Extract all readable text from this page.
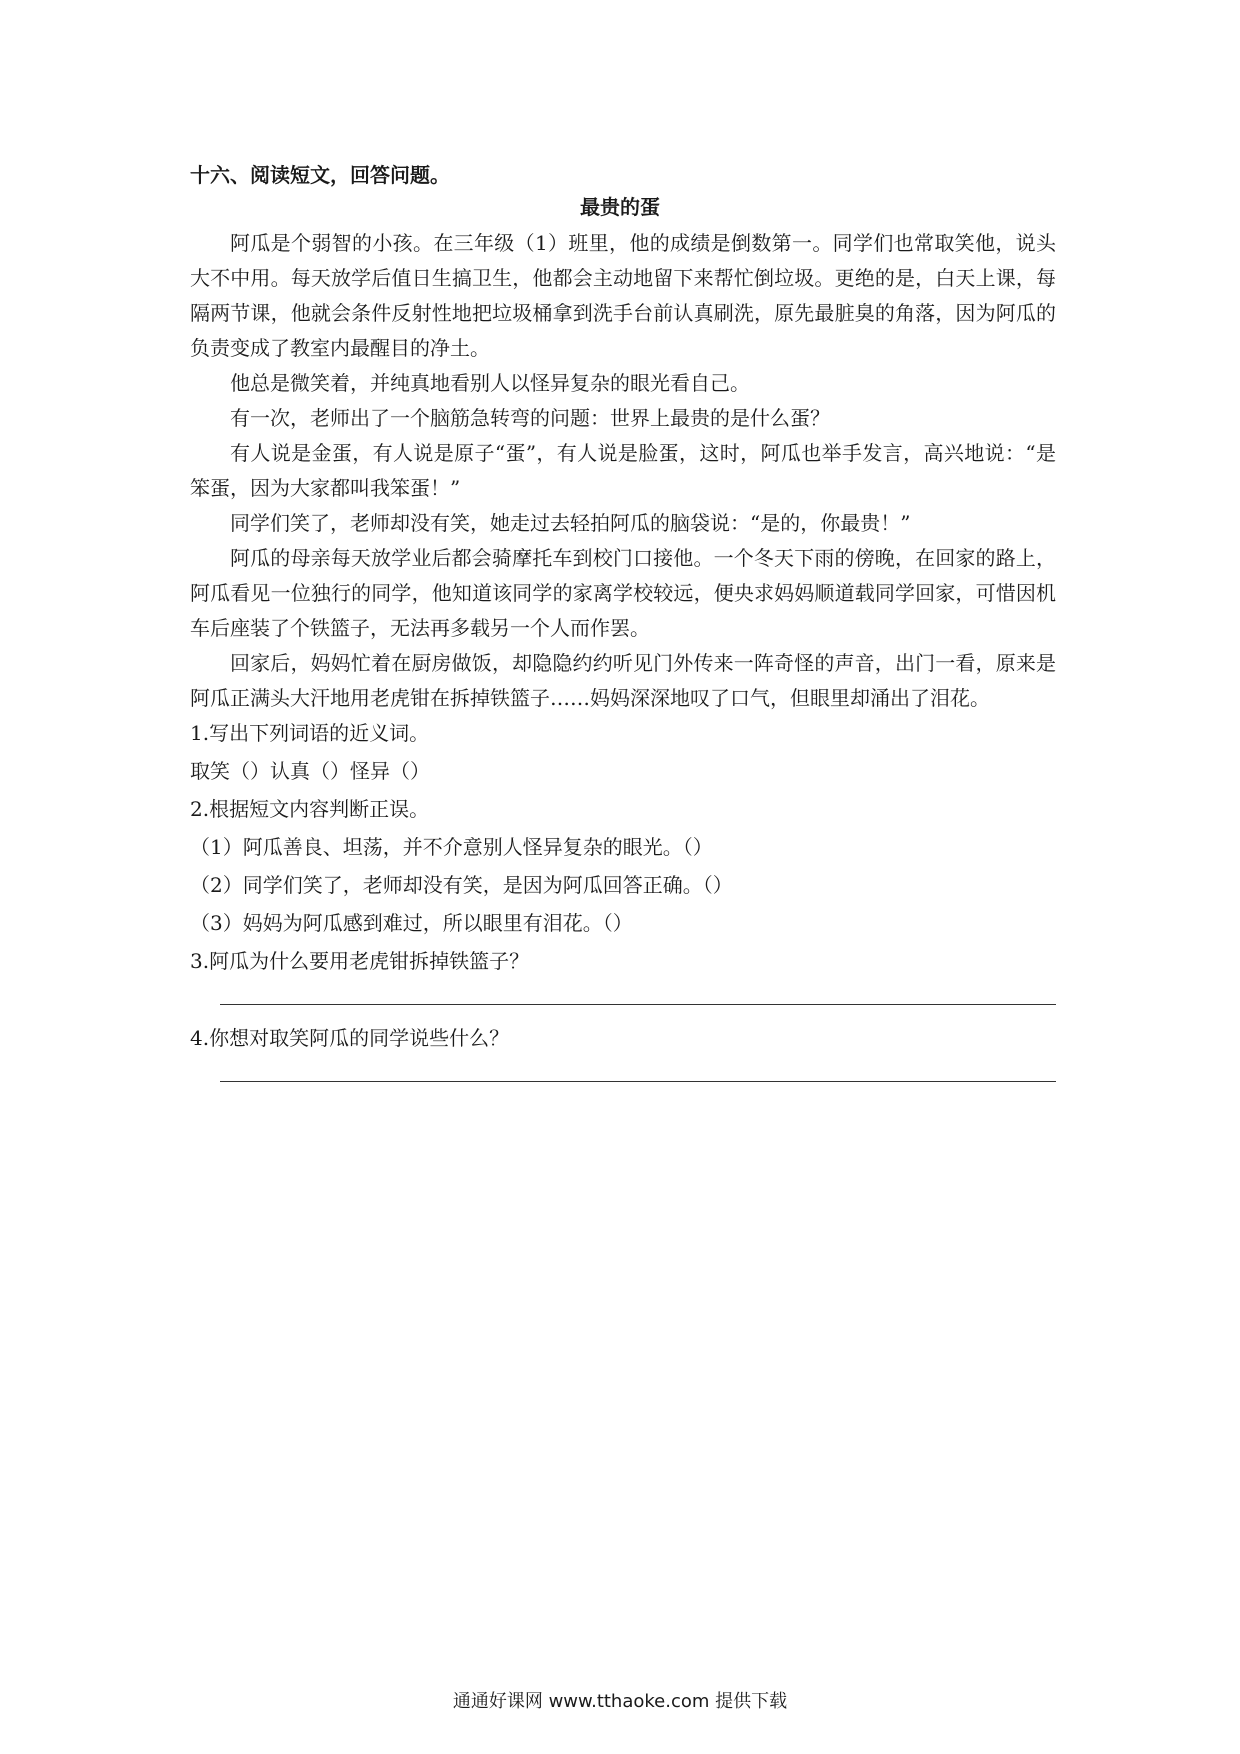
十六、阅读短文，回答问题。
最贵的蛋

阿瓜是个弱智的小孩。在三年级（1）班里，他的成绩是倒数第一。同学们也常取笑他，说头大不中用。每天放学后值日生搞卫生，他都会主动地留下来帮忙倒垃圾。更绝的是，白天上课，每隔两节课，他就会条件反射性地把垃圾桶拿到洗手台前认真刷洗，原先最脏臭的角落，因为阿瓜的负责变成了教室内最醒目的净土。

他总是微笑着，并纯真地看别人以怪异复杂的眼光看自己。

有一次，老师出了一个脑筋急转弯的问题：世界上最贵的是什么蛋？

有人说是金蛋，有人说是原子“蛋”，有人说是脸蛋，这时，阿瓜也举手发言，高兴地说：“是笨蛋，因为大家都叫我笨蛋！”

同学们笑了，老师却没有笑，她走过去轻拍阿瓜的脑袋说：“是的，你最贵！”

阿瓜的母亲每天放学业后都会骑摩托车到校门口接他。一个冬天下雨的傍晚，在回家的路上，阿瓜看见一位独行的同学，他知道该同学的家离学校较远，便央求妈妈顺道载同学回家，可惜因机车后座装了个铁篮子，无法再多载另一个人而作罢。

回家后，妈妈忙着在厨房做饭，却隐隐约约听见门外传来一阵奇怪的声音，出门一看，原来是阿瓜正满头大汗地用老虎钳在拆掉铁篮子……妈妈深深地叹了口气，但眼里却涌出了泪花。

1.写出下列词语的近义词。
取笑（）认真（）怪异（）
2.根据短文内容判断正误。
（1）阿瓜善良、坦荡，并不介意别人怪异复杂的眼光。（）
（2）同学们笑了，老师却没有笑，是因为阿瓜回答正确。（）
（3）妈妈为阿瓜感到难过，所以眼里有泪花。（）
3.阿瓜为什么要用老虎钳拆掉铁篮子？
4.你想对取笑阿瓜的同学说些什么？
通通好课网 www.tthaoke.com 提供下载
